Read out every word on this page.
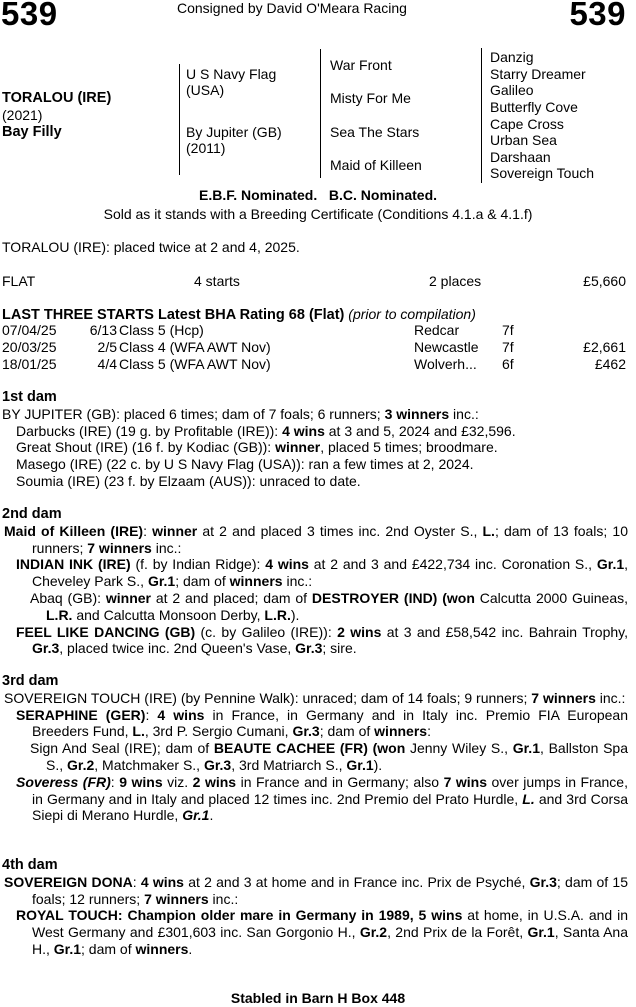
539	539
Consigned by David O'Meara Racing
TORALOU (IRE)
(2021)
Bay Filly
U S Navy Flag
(USA)
By Jupiter (GB)
(2011)
War Front
Misty For Me
Sea The Stars
Maid of Killeen
Danzig
Starry Dreamer
Galileo
Butterfly Cove
Cape Cross
Urban Sea
Darshaan
Sovereign Touch
E.B.F. Nominated.   B.C. Nominated.
Sold as it stands with a Breeding Certificate (Conditions 4.1.a & 4.1.f)
TORALOU (IRE): placed twice at 2 and 4, 2025.
FLAT	4 starts	2 places	£5,660
LAST THREE STARTS Latest BHA Rating 68 (Flat) (prior to compilation)
07/04/25 6/13 Class 5 (Hcp)	Redcar	7f
20/03/25	2/5 Class 4 (WFA AWT Nov)	Newcastle 7f	£2,661
18/01/25	4/4 Class 5 (WFA AWT Nov)	Wolverh... 6f	£462
1st dam

BY JUPITER (GB): placed 6 times; dam of 7 foals; 6 runners; 3 winners inc.:

Darbucks (IRE) (19 g. by Profitable (IRE)): 4 wins at 3 and 5, 2024 and £32,596.

Great Shout (IRE) (16 f. by Kodiac (GB)): winner, placed 5 times; broodmare.

Masego (IRE) (22 c. by U S Navy Flag (USA)): ran a few times at 2, 2024.

Soumia (IRE) (23 f. by Elzaam (AUS)): unraced to date.

2nd dam

Maid of Killeen (IRE): winner at 2 and placed 3 times inc. 2nd Oyster S., L.; dam of 13 foals; 10 runners; 7 winners inc.:

INDIAN INK (IRE) (f. by Indian Ridge): 4 wins at 2 and 3 and £422,734 inc. Coronation S., Gr.1, Cheveley Park S., Gr.1; dam of winners inc.:

Abaq (GB): winner at 2 and placed; dam of DESTROYER (IND) (won Calcutta 2000 Guineas, L.R. and Calcutta Monsoon Derby, L.R.).

FEEL LIKE DANCING (GB) (c. by Galileo (IRE)): 2 wins at 3 and £58,542 inc. Bahrain Trophy, Gr.3, placed twice inc. 2nd Queen's Vase, Gr.3; sire.

3rd dam

SOVEREIGN TOUCH (IRE) (by Pennine Walk): unraced; dam of 14 foals; 9 runners; 7 winners inc.:

SERAPHINE (GER): 4 wins in France, in Germany and in Italy inc. Premio FIA European Breeders Fund, L., 3rd P. Sergio Cumani, Gr.3; dam of winners:

Sign And Seal (IRE); dam of BEAUTE CACHEE (FR) (won Jenny Wiley S., Gr.1, Ballston Spa S., Gr.2, Matchmaker S., Gr.3, 3rd Matriarch S., Gr.1).

Soveress (FR): 9 wins viz. 2 wins in France and in Germany; also 7 wins over jumps in France, in Germany and in Italy and placed 12 times inc. 2nd Premio del Prato Hurdle, L. and 3rd Corsa Siepi di Merano Hurdle, Gr.1.

4th dam

SOVEREIGN DONA: 4 wins at 2 and 3 at home and in France inc. Prix de Psyché, Gr.3; dam of 15 foals; 12 runners; 7 winners inc.:

ROYAL TOUCH: Champion older mare in Germany in 1989, 5 wins at home, in U.S.A. and in West Germany and £301,603 inc. San Gorgonio H., Gr.2, 2nd Prix de la Forêt, Gr.1, Santa Ana H., Gr.1; dam of winners.

Stabled in Barn H Box 448
